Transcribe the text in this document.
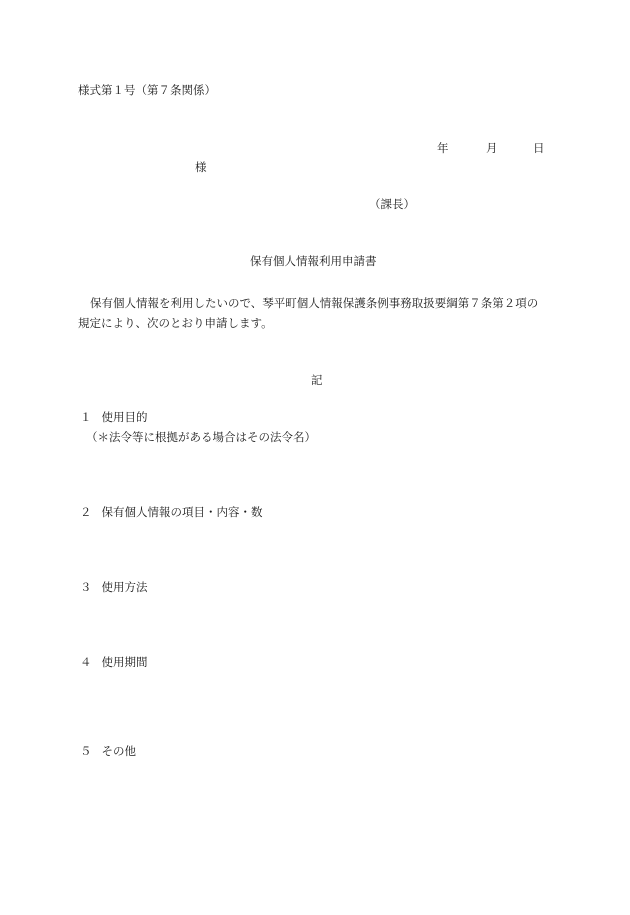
様式第１号（第７条関係）
年	月	日
様
（課長）
保有個人情報利用申請書
保有個人情報を利用したいので、琴平町個人情報保護条例事務取扱要綱第７条第２項の
規定により、次のとおり申請します。
記
１ 使用目的
（＊法令等に根拠がある場合はその法令名）
２ 保有個人情報の項目・内容・数
３ 使用方法
４ 使用期間
５ その他
